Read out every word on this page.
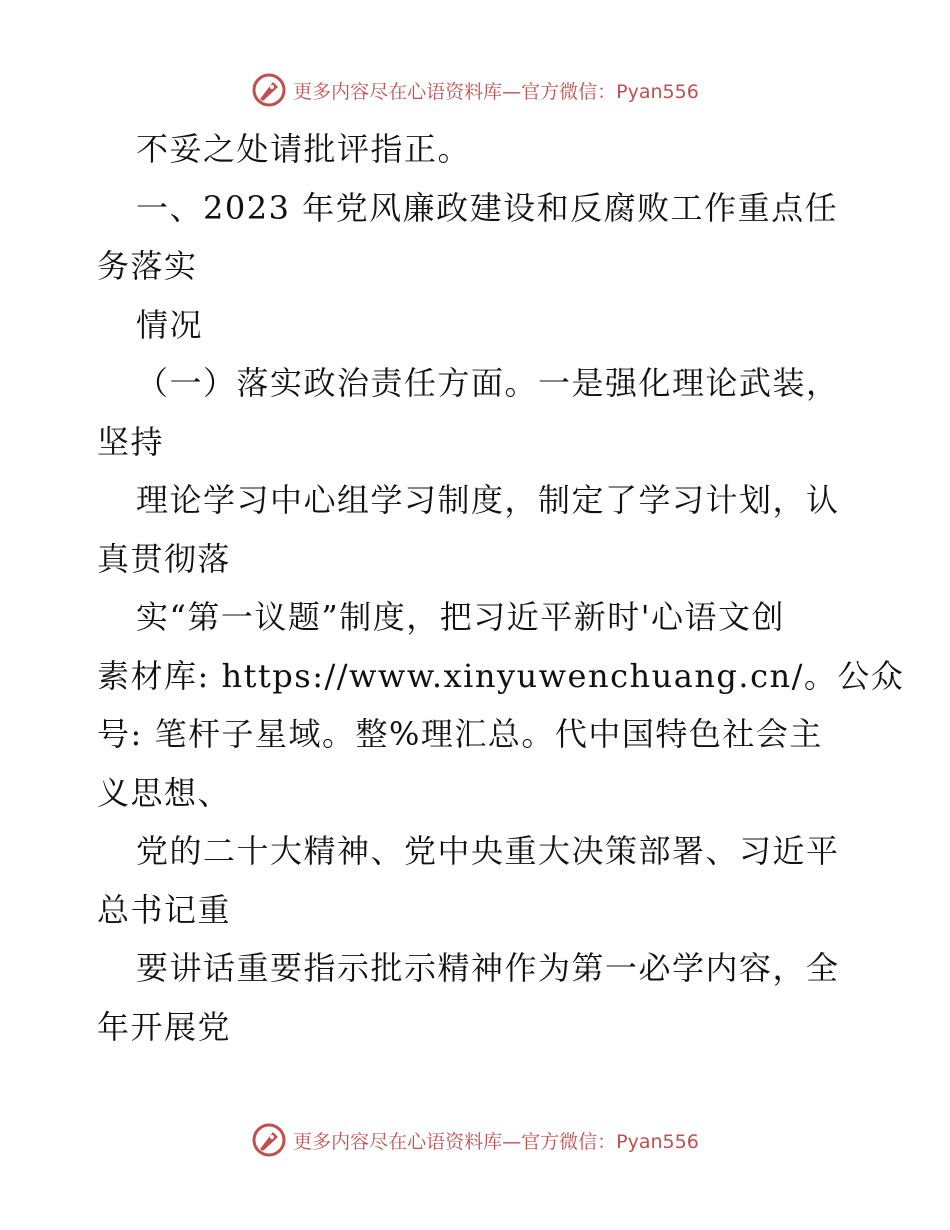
更多内容尽在心语资料库—官方微信：Pyan556
不妥之处请批评指正。
一、2023 年党风廉政建设和反腐败工作重点任
务落实
情况
（一）落实政治责任方面。一是强化理论武装，
坚持
理论学习中心组学习制度，制定了学习计划，认
真贯彻落
实“第一议题”制度，把习近平新时'心语文创
素材库: https://www.xinyuwenchuang.cn/。公众
号: 笔杆子星域。整%理汇总。代中国特色社会主
义思想、
党的二十大精神、党中央重大决策部署、习近平
总书记重
要讲话重要指示批示精神作为第一必学内容，全
年开展党
更多内容尽在心语资料库—官方微信：Pyan556
